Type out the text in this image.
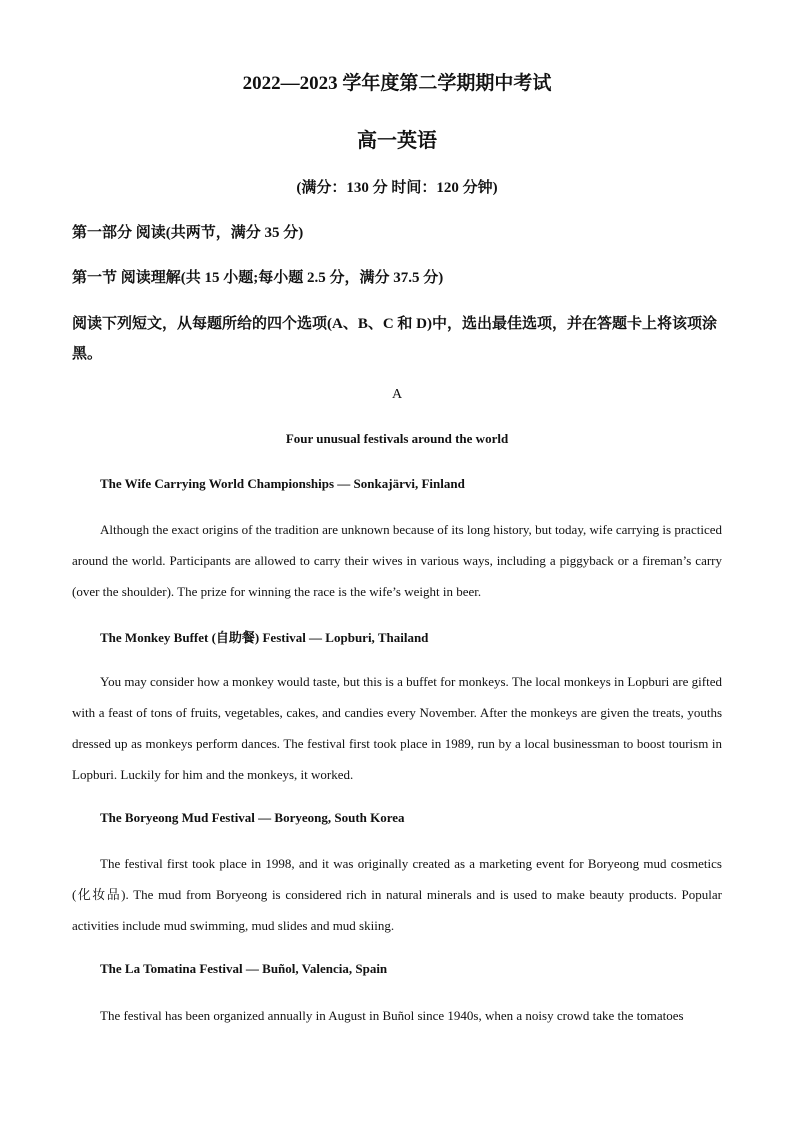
2022—2023 学年度第二学期期中考试
高一英语
(满分：130 分 时间：120 分钟)
第一部分 阅读(共两节，满分 35 分)
第一节 阅读理解(共 15 小题;每小题 2.5 分，满分 37.5 分)
阅读下列短文，从每题所给的四个选项(A、B、C 和 D)中，选出最佳选项，并在答题卡上将该项涂黑。
A
Four unusual festivals around the world
The Wife Carrying World Championships — Sonkajärvi, Finland
Although the exact origins of the tradition are unknown because of its long history, but today, wife carrying is practiced around the world. Participants are allowed to carry their wives in various ways, including a piggyback or a fireman’s carry (over the shoulder). The prize for winning the race is the wife’s weight in beer.
The Monkey Buffet (自助餐) Festival — Lopburi, Thailand
You may consider how a monkey would taste, but this is a buffet for monkeys. The local monkeys in Lopburi are gifted with a feast of tons of fruits, vegetables, cakes, and candies every November. After the monkeys are given the treats, youths dressed up as monkeys perform dances. The festival first took place in 1989, run by a local businessman to boost tourism in Lopburi. Luckily for him and the monkeys, it worked.
The Boryeong Mud Festival — Boryeong, South Korea
The festival first took place in 1998, and it was originally created as a marketing event for Boryeong mud cosmetics (化妆品). The mud from Boryeong is considered rich in natural minerals and is used to make beauty products. Popular activities include mud swimming, mud slides and mud skiing.
The La Tomatina Festival — Buñol, Valencia, Spain
The festival has been organized annually in August in Buñol since 1940s, when a noisy crowd take the tomatoes
